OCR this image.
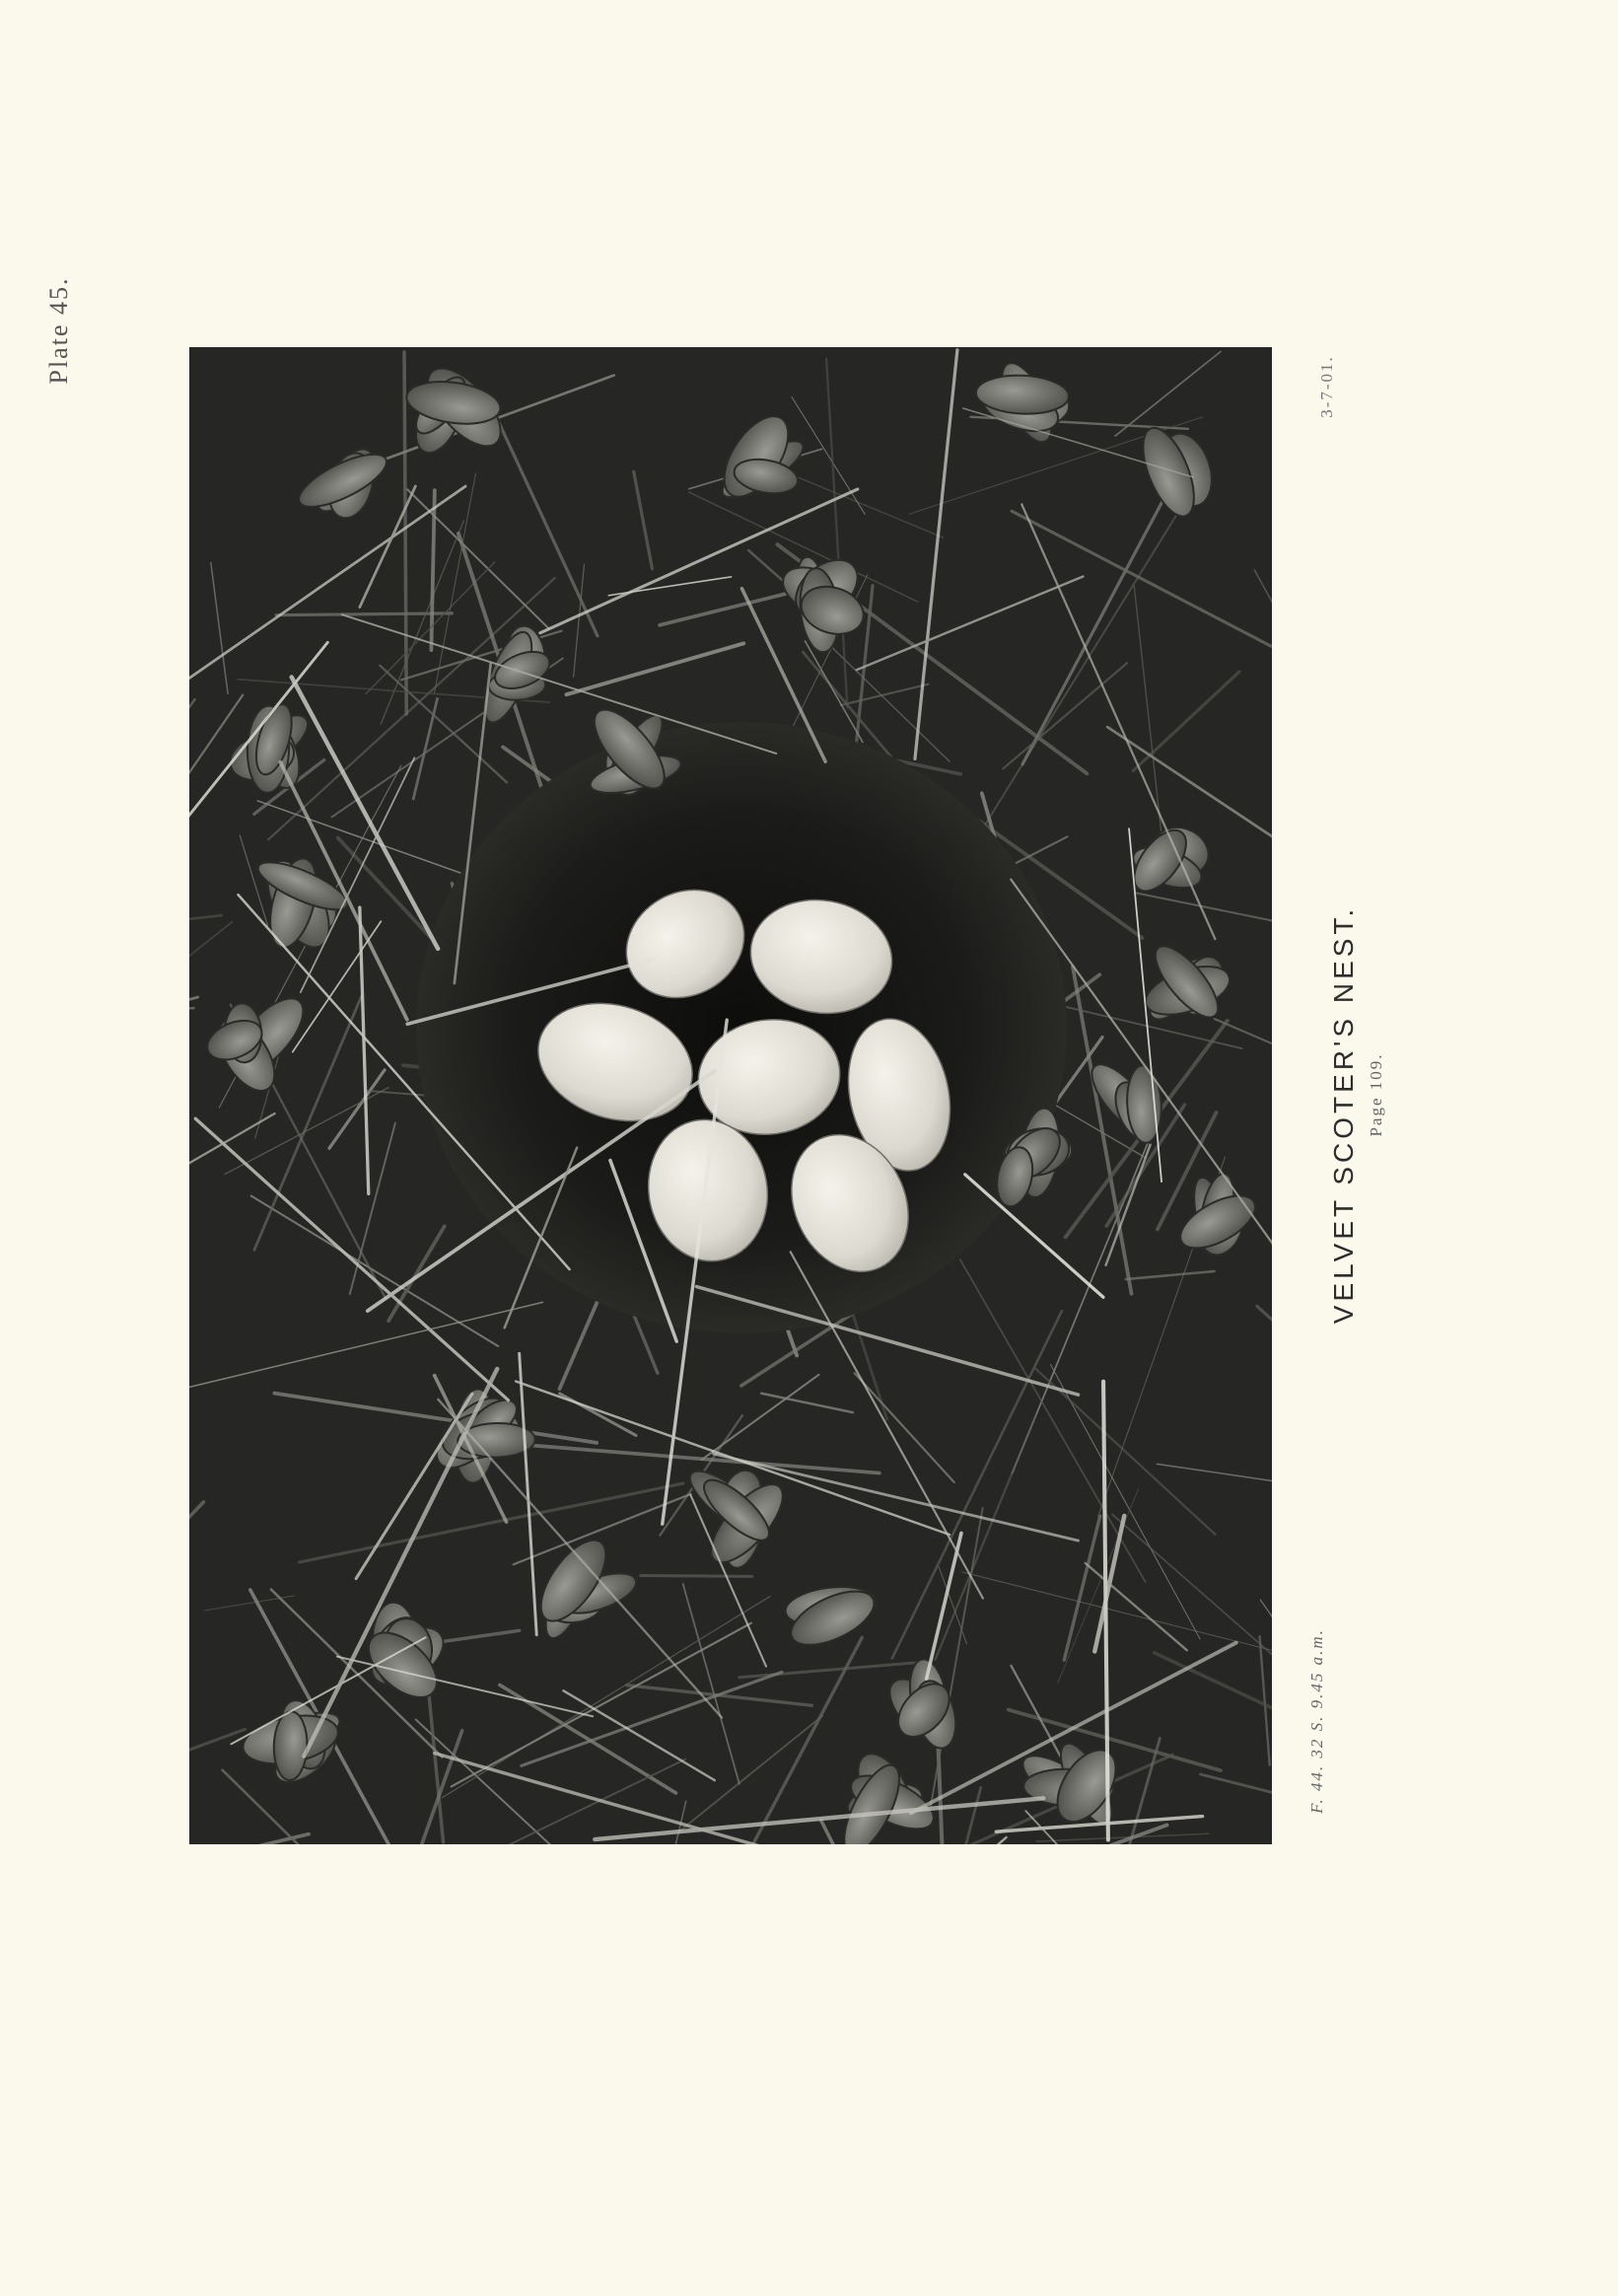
Plate 45.
3-7-01.
VELVET SCOTER'S NEST. Page 109.
F. 44. 32 S. 9.45 a.m.
